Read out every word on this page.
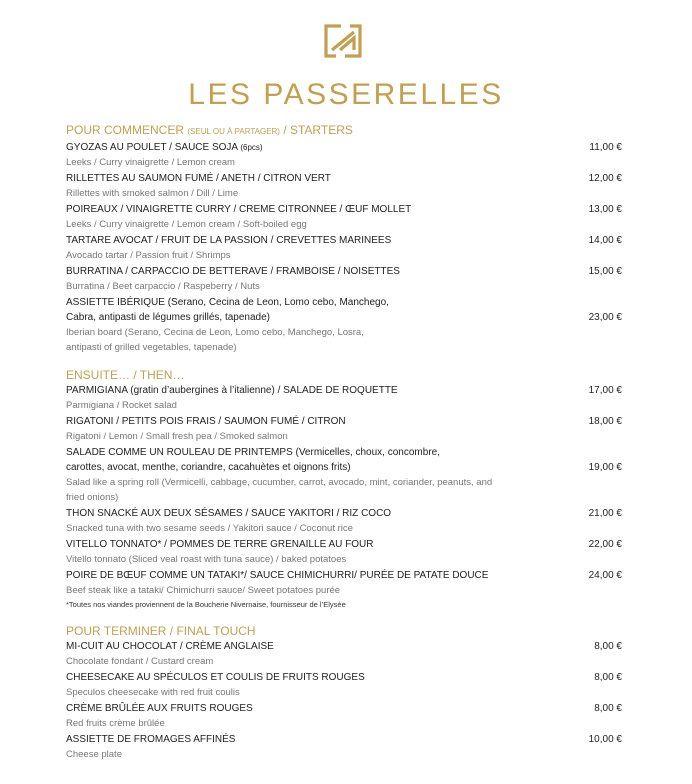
LES PASSERELLES
POUR COMMENCER (SEUL OU À PARTAGER) / STARTERS
GYOZAS AU POULET / SAUCE SOJA (6pcs)	11,00 €
Leeks / Curry vinaigrette / Lemon cream
RILLETTES AU SAUMON FUMÉ / ANETH / CITRON VERT	12,00 €
Rillettes with smoked salmon / Dill / Lime
POIREAUX / VINAIGRETTE CURRY / CREME CITRONNEE / ŒUF MOLLET	13,00 €
Leeks / Curry vinaigrette / Lemon cream / Soft-boiled egg
TARTARE AVOCAT / FRUIT DE LA PASSION / CREVETTES MARINEES	14,00 €
Avocado tartar / Passion fruit / Shrimps
BURRATINA / CARPACCIO DE BETTERAVE / FRAMBOISE / NOISETTES	15,00 €
Burratina / Beet carpaccio / Raspeberry / Nuts
ASSIETTE IBÉRIQUE (Serano, Cecina de Leon, Lomo cebo, Manchego, Cabra, antipasti de légumes grillés, tapenade)	23,00 €
Iberian board (Serano, Cecina de Leon, Lomo cebo, Manchego, Losra, antipasti of grilled vegetables, tapenade)
ENSUITE… / THEN…
PARMIGIANA (gratin d’aubergines à l’italienne) / SALADE DE ROQUETTE	17,00 €
Parmigiana / Rocket salad
RIGATONI / PETITS POIS FRAIS / SAUMON FUMÉ / CITRON	18,00 €
Rigatoni / Lemon / Small fresh pea / Smoked salmon
SALADE COMME UN ROULEAU DE PRINTEMPS (Vermicelles, choux, concombre, carottes, avocat, menthe, coriandre, cacahuètes et oignons frits)	19,00 €
Salad like a spring roll (Vermicelli, cabbage, cucumber, carrot, avocado, mint, coriander, peanuts, and fried onions)
THON SNACKÉ AUX DEUX SÉSAMES / SAUCE YAKITORI / RIZ COCO	21,00 €
Snacked tuna with two sesame seeds / Yakitori sauce / Coconut rice
VITELLO TONNATO* / POMMES DE TERRE GRENAILLE AU FOUR	22,00 €
Vitello tonnato (Sliced veal roast with tuna sauce) / baked potatoes
POIRE DE BŒUF COMME UN TATAKI*/ SAUCE CHIMICHURRI/ PURÉE DE PATATE DOUCE	24,00 €
Beef steak like a tataki/ Chimichurri sauce/ Sweet potatoes purée
*Toutes nos viandes proviennent de la Boucherie Nivernaise, fournisseur de l’Elysée
POUR TERMINER / FINAL TOUCH
MI-CUIT AU CHOCOLAT / CRÈME ANGLAISE	8,00 €
Chocolate fondant / Custard cream
CHEESECAKE AU SPÉCULOS ET COULIS DE FRUITS ROUGES	8,00 €
Speculos cheesecake with red fruit coulis
CRÈME BRÛLÉE AUX FRUITS ROUGES	8,00 €
Red fruits crème brûlée
ASSIETTE DE FROMAGES AFFINÉS	10,00 €
Cheese plate
